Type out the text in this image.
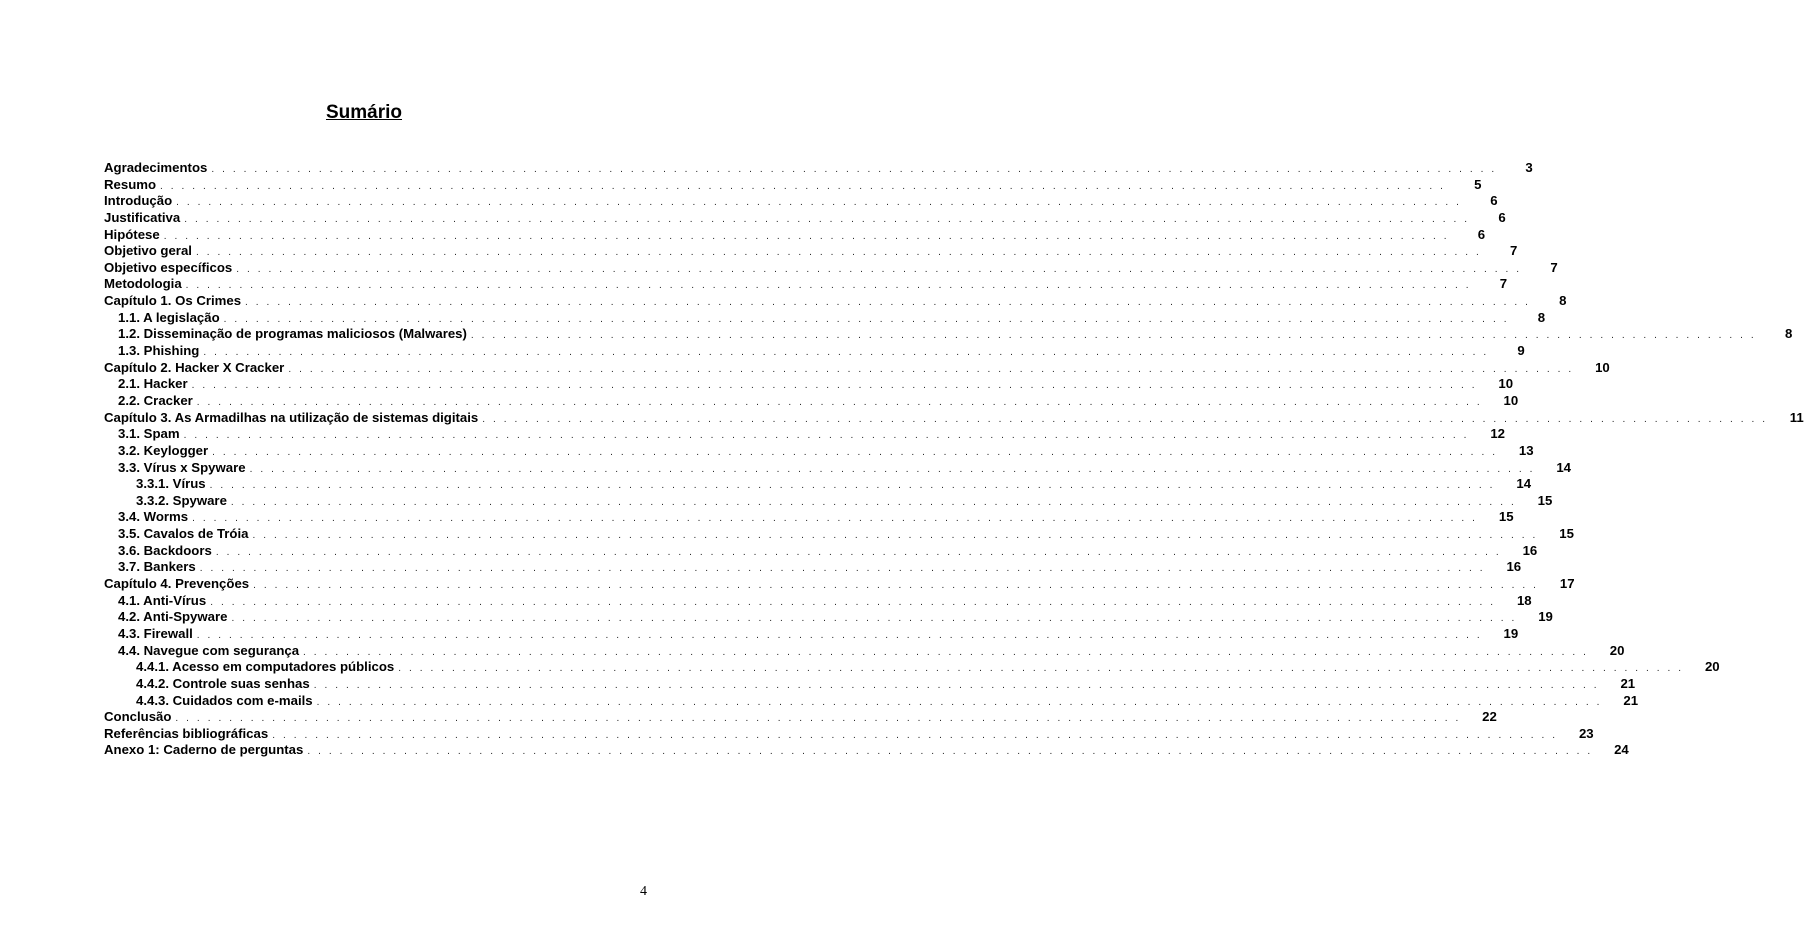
Sumário
Agradecimentos . . . . . . . . . . . . . . . . . . . . . . . . . . . . . . . . . . . . . . . . . . . . . . . . . . . . . . . . . . . . . . . . . . . . . . . . . . . . . . . . . . . . . . . . . . . . . . . . . . . . . . . . . . . . . . . . . . . . . . . .	3
Resumo . . . . . . . . . . . . . . . . . . . . . . . . . . . . . . . . . . . . . . . . . . . . . . . . . . . . . . . . . . . . . . . . . . . . . . . . . . . . . . . . . . . . . . . . . . . . . . . . . . . . . . . . . . . . . . . . . . . . . . . .	5
Introdução . . . . . . . . . . . . . . . . . . . . . . . . . . . . . . . . . . . . . . . . . . . . . . . . . . . . . . . . . . . . . . . . . . . . . . . . . . . . . . . . . . . . . . . . . . . . . . . . . . . . . . . . . . . . . . . . . . . . . . . .	6
Justificativa . . . . . . . . . . . . . . . . . . . . . . . . . . . . . . . . . . . . . . . . . . . . . . . . . . . . . . . . . . . . . . . . . . . . . . . . . . . . . . . . . . . . . . . . . . . . . . . . . . . . . . . . . . . . . . . . . . . . . . . .	6
Hipótese . . . . . . . . . . . . . . . . . . . . . . . . . . . . . . . . . . . . . . . . . . . . . . . . . . . . . . . . . . . . . . . . . . . . . . . . . . . . . . . . . . . . . . . . . . . . . . . . . . . . . . . . . . . . . . . . . . . . . . . .	6
Objetivo geral . . . . . . . . . . . . . . . . . . . . . . . . . . . . . . . . . . . . . . . . . . . . . . . . . . . . . . . . . . . . . . . . . . . . . . . . . . . . . . . . . . . . . . . . . . . . . . . . . . . . . . . . . . . . . . . . . . . . . . . .	7
Objetivo específicos . . . . . . . . . . . . . . . . . . . . . . . . . . . . . . . . . . . . . . . . . . . . . . . . . . . . . . . . . . . . . . . . . . . . . . . . . . . . . . . . . . . . . . . . . . . . . . . . . . . . . . . . . . . . . . . . . . . . . . . .	7
Metodologia . . . . . . . . . . . . . . . . . . . . . . . . . . . . . . . . . . . . . . . . . . . . . . . . . . . . . . . . . . . . . . . . . . . . . . . . . . . . . . . . . . . . . . . . . . . . . . . . . . . . . . . . . . . . . . . . . . . . . . . .	7
Capítulo 1. Os Crimes . . . . . . . . . . . . . . . . . . . . . . . . . . . . . . . . . . . . . . . . . . . . . . . . . . . . . . . . . . . . . . . . . . . . . . . . . . . . . . . . . . . . . . . . . . . . . . . . . . . . . . . . . . . . . . . . . . . . . . . .	8
1.1. A legislação . . . . . . . . . . . . . . . . . . . . . . . . . . . . . . . . . . . . . . . . . . . . . . . . . . . . . . . . . . . . . . . . . . . . . . . . . . . . . . . . . . . . . . . . . . . . . . . . . . . . . . . . . . . . . . . . . . . . . . . .	8
1.2. Disseminação de programas maliciosos (Malwares) . . . . . . . . . . . . . . . . . . . . . . . . . . . . . . . . . . . . . . . . . . . . . . . . . . . . . . . . . . . . . . . . . . . . . . . . . . . . . . . . . . . . . . . . . . . . . . . . . . . . . . . . . . . . . . . . . . . . . . . .	8
1.3. Phishing . . . . . . . . . . . . . . . . . . . . . . . . . . . . . . . . . . . . . . . . . . . . . . . . . . . . . . . . . . . . . . . . . . . . . . . . . . . . . . . . . . . . . . . . . . . . . . . . . . . . . . . . . . . . . . . . . . . . . . . .	9
Capítulo 2. Hacker X Cracker . . . . . . . . . . . . . . . . . . . . . . . . . . . . . . . . . . . . . . . . . . . . . . . . . . . . . . . . . . . . . . . . . . . . . . . . . . . . . . . . . . . . . . . . . . . . . . . . . . . . . . . . . . . . . . . . . . . . . . . .	10
2.1. Hacker . . . . . . . . . . . . . . . . . . . . . . . . . . . . . . . . . . . . . . . . . . . . . . . . . . . . . . . . . . . . . . . . . . . . . . . . . . . . . . . . . . . . . . . . . . . . . . . . . . . . . . . . . . . . . . . . . . . . . . . .	10
2.2. Cracker . . . . . . . . . . . . . . . . . . . . . . . . . . . . . . . . . . . . . . . . . . . . . . . . . . . . . . . . . . . . . . . . . . . . . . . . . . . . . . . . . . . . . . . . . . . . . . . . . . . . . . . . . . . . . . . . . . . . . . . .	10
Capítulo 3. As Armadilhas na utilização de sistemas digitais . . . . . . . . . . . . . . . . . . . . . . . . . . . . . . . . . . . . . . . . . . . . . . . . . . . . . . . . . . . . . . . . . . . . . . . . . . . . . . . . . . . . . . . . . . . . . . . . . . . . . . . . . . . . . . . . . . . . . . . .	11
3.1. Spam . . . . . . . . . . . . . . . . . . . . . . . . . . . . . . . . . . . . . . . . . . . . . . . . . . . . . . . . . . . . . . . . . . . . . . . . . . . . . . . . . . . . . . . . . . . . . . . . . . . . . . . . . . . . . . . . . . . . . . . .	12
3.2. Keylogger . . . . . . . . . . . . . . . . . . . . . . . . . . . . . . . . . . . . . . . . . . . . . . . . . . . . . . . . . . . . . . . . . . . . . . . . . . . . . . . . . . . . . . . . . . . . . . . . . . . . . . . . . . . . . . . . . . . . . . . .	13
3.3. Vírus x Spyware . . . . . . . . . . . . . . . . . . . . . . . . . . . . . . . . . . . . . . . . . . . . . . . . . . . . . . . . . . . . . . . . . . . . . . . . . . . . . . . . . . . . . . . . . . . . . . . . . . . . . . . . . . . . . . . . . . . . . . . .	14
3.3.1. Vírus . . . . . . . . . . . . . . . . . . . . . . . . . . . . . . . . . . . . . . . . . . . . . . . . . . . . . . . . . . . . . . . . . . . . . . . . . . . . . . . . . . . . . . . . . . . . . . . . . . . . . . . . . . . . . . . . . . . . . . . .	14
3.3.2. Spyware . . . . . . . . . . . . . . . . . . . . . . . . . . . . . . . . . . . . . . . . . . . . . . . . . . . . . . . . . . . . . . . . . . . . . . . . . . . . . . . . . . . . . . . . . . . . . . . . . . . . . . . . . . . . . . . . . . . . . . . .	15
3.4. Worms . . . . . . . . . . . . . . . . . . . . . . . . . . . . . . . . . . . . . . . . . . . . . . . . . . . . . . . . . . . . . . . . . . . . . . . . . . . . . . . . . . . . . . . . . . . . . . . . . . . . . . . . . . . . . . . . . . . . . . . .	15
3.5. Cavalos de Tróia . . . . . . . . . . . . . . . . . . . . . . . . . . . . . . . . . . . . . . . . . . . . . . . . . . . . . . . . . . . . . . . . . . . . . . . . . . . . . . . . . . . . . . . . . . . . . . . . . . . . . . . . . . . . . . . . . . . . . . . .	15
3.6. Backdoors . . . . . . . . . . . . . . . . . . . . . . . . . . . . . . . . . . . . . . . . . . . . . . . . . . . . . . . . . . . . . . . . . . . . . . . . . . . . . . . . . . . . . . . . . . . . . . . . . . . . . . . . . . . . . . . . . . . . . . . .	16
3.7. Bankers . . . . . . . . . . . . . . . . . . . . . . . . . . . . . . . . . . . . . . . . . . . . . . . . . . . . . . . . . . . . . . . . . . . . . . . . . . . . . . . . . . . . . . . . . . . . . . . . . . . . . . . . . . . . . . . . . . . . . . . .	16
Capítulo 4. Prevenções . . . . . . . . . . . . . . . . . . . . . . . . . . . . . . . . . . . . . . . . . . . . . . . . . . . . . . . . . . . . . . . . . . . . . . . . . . . . . . . . . . . . . . . . . . . . . . . . . . . . . . . . . . . . . . . . . . . . . . . .	17
4.1. Anti-Vírus . . . . . . . . . . . . . . . . . . . . . . . . . . . . . . . . . . . . . . . . . . . . . . . . . . . . . . . . . . . . . . . . . . . . . . . . . . . . . . . . . . . . . . . . . . . . . . . . . . . . . . . . . . . . . . . . . . . . . . . .	18
4.2. Anti-Spyware . . . . . . . . . . . . . . . . . . . . . . . . . . . . . . . . . . . . . . . . . . . . . . . . . . . . . . . . . . . . . . . . . . . . . . . . . . . . . . . . . . . . . . . . . . . . . . . . . . . . . . . . . . . . . . . . . . . . . . . .	19
4.3. Firewall . . . . . . . . . . . . . . . . . . . . . . . . . . . . . . . . . . . . . . . . . . . . . . . . . . . . . . . . . . . . . . . . . . . . . . . . . . . . . . . . . . . . . . . . . . . . . . . . . . . . . . . . . . . . . . . . . . . . . . . .	19
4.4. Navegue com segurança . . . . . . . . . . . . . . . . . . . . . . . . . . . . . . . . . . . . . . . . . . . . . . . . . . . . . . . . . . . . . . . . . . . . . . . . . . . . . . . . . . . . . . . . . . . . . . . . . . . . . . . . . . . . . . . . . . . . . . . .	20
4.4.1. Acesso em computadores públicos . . . . . . . . . . . . . . . . . . . . . . . . . . . . . . . . . . . . . . . . . . . . . . . . . . . . . . . . . . . . . . . . . . . . . . . . . . . . . . . . . . . . . . . . . . . . . . . . . . . . . . . . . . . . . . . . . . . . . . . .	20
4.4.2. Controle suas senhas . . . . . . . . . . . . . . . . . . . . . . . . . . . . . . . . . . . . . . . . . . . . . . . . . . . . . . . . . . . . . . . . . . . . . . . . . . . . . . . . . . . . . . . . . . . . . . . . . . . . . . . . . . . . . . . . . . . . . . . .	21
4.4.3. Cuidados com e-mails . . . . . . . . . . . . . . . . . . . . . . . . . . . . . . . . . . . . . . . . . . . . . . . . . . . . . . . . . . . . . . . . . . . . . . . . . . . . . . . . . . . . . . . . . . . . . . . . . . . . . . . . . . . . . . . . . . . . . . . .	21
Conclusão . . . . . . . . . . . . . . . . . . . . . . . . . . . . . . . . . . . . . . . . . . . . . . . . . . . . . . . . . . . . . . . . . . . . . . . . . . . . . . . . . . . . . . . . . . . . . . . . . . . . . . . . . . . . . . . . . . . . . . . .	22
Referências bibliográficas . . . . . . . . . . . . . . . . . . . . . . . . . . . . . . . . . . . . . . . . . . . . . . . . . . . . . . . . . . . . . . . . . . . . . . . . . . . . . . . . . . . . . . . . . . . . . . . . . . . . . . . . . . . . . . . . . . . . . . . .	23
Anexo 1: Caderno de perguntas . . . . . . . . . . . . . . . . . . . . . . . . . . . . . . . . . . . . . . . . . . . . . . . . . . . . . . . . . . . . . . . . . . . . . . . . . . . . . . . . . . . . . . . . . . . . . . . . . . . . . . . . . . . . . . . . . . . . . . . .	24
4
